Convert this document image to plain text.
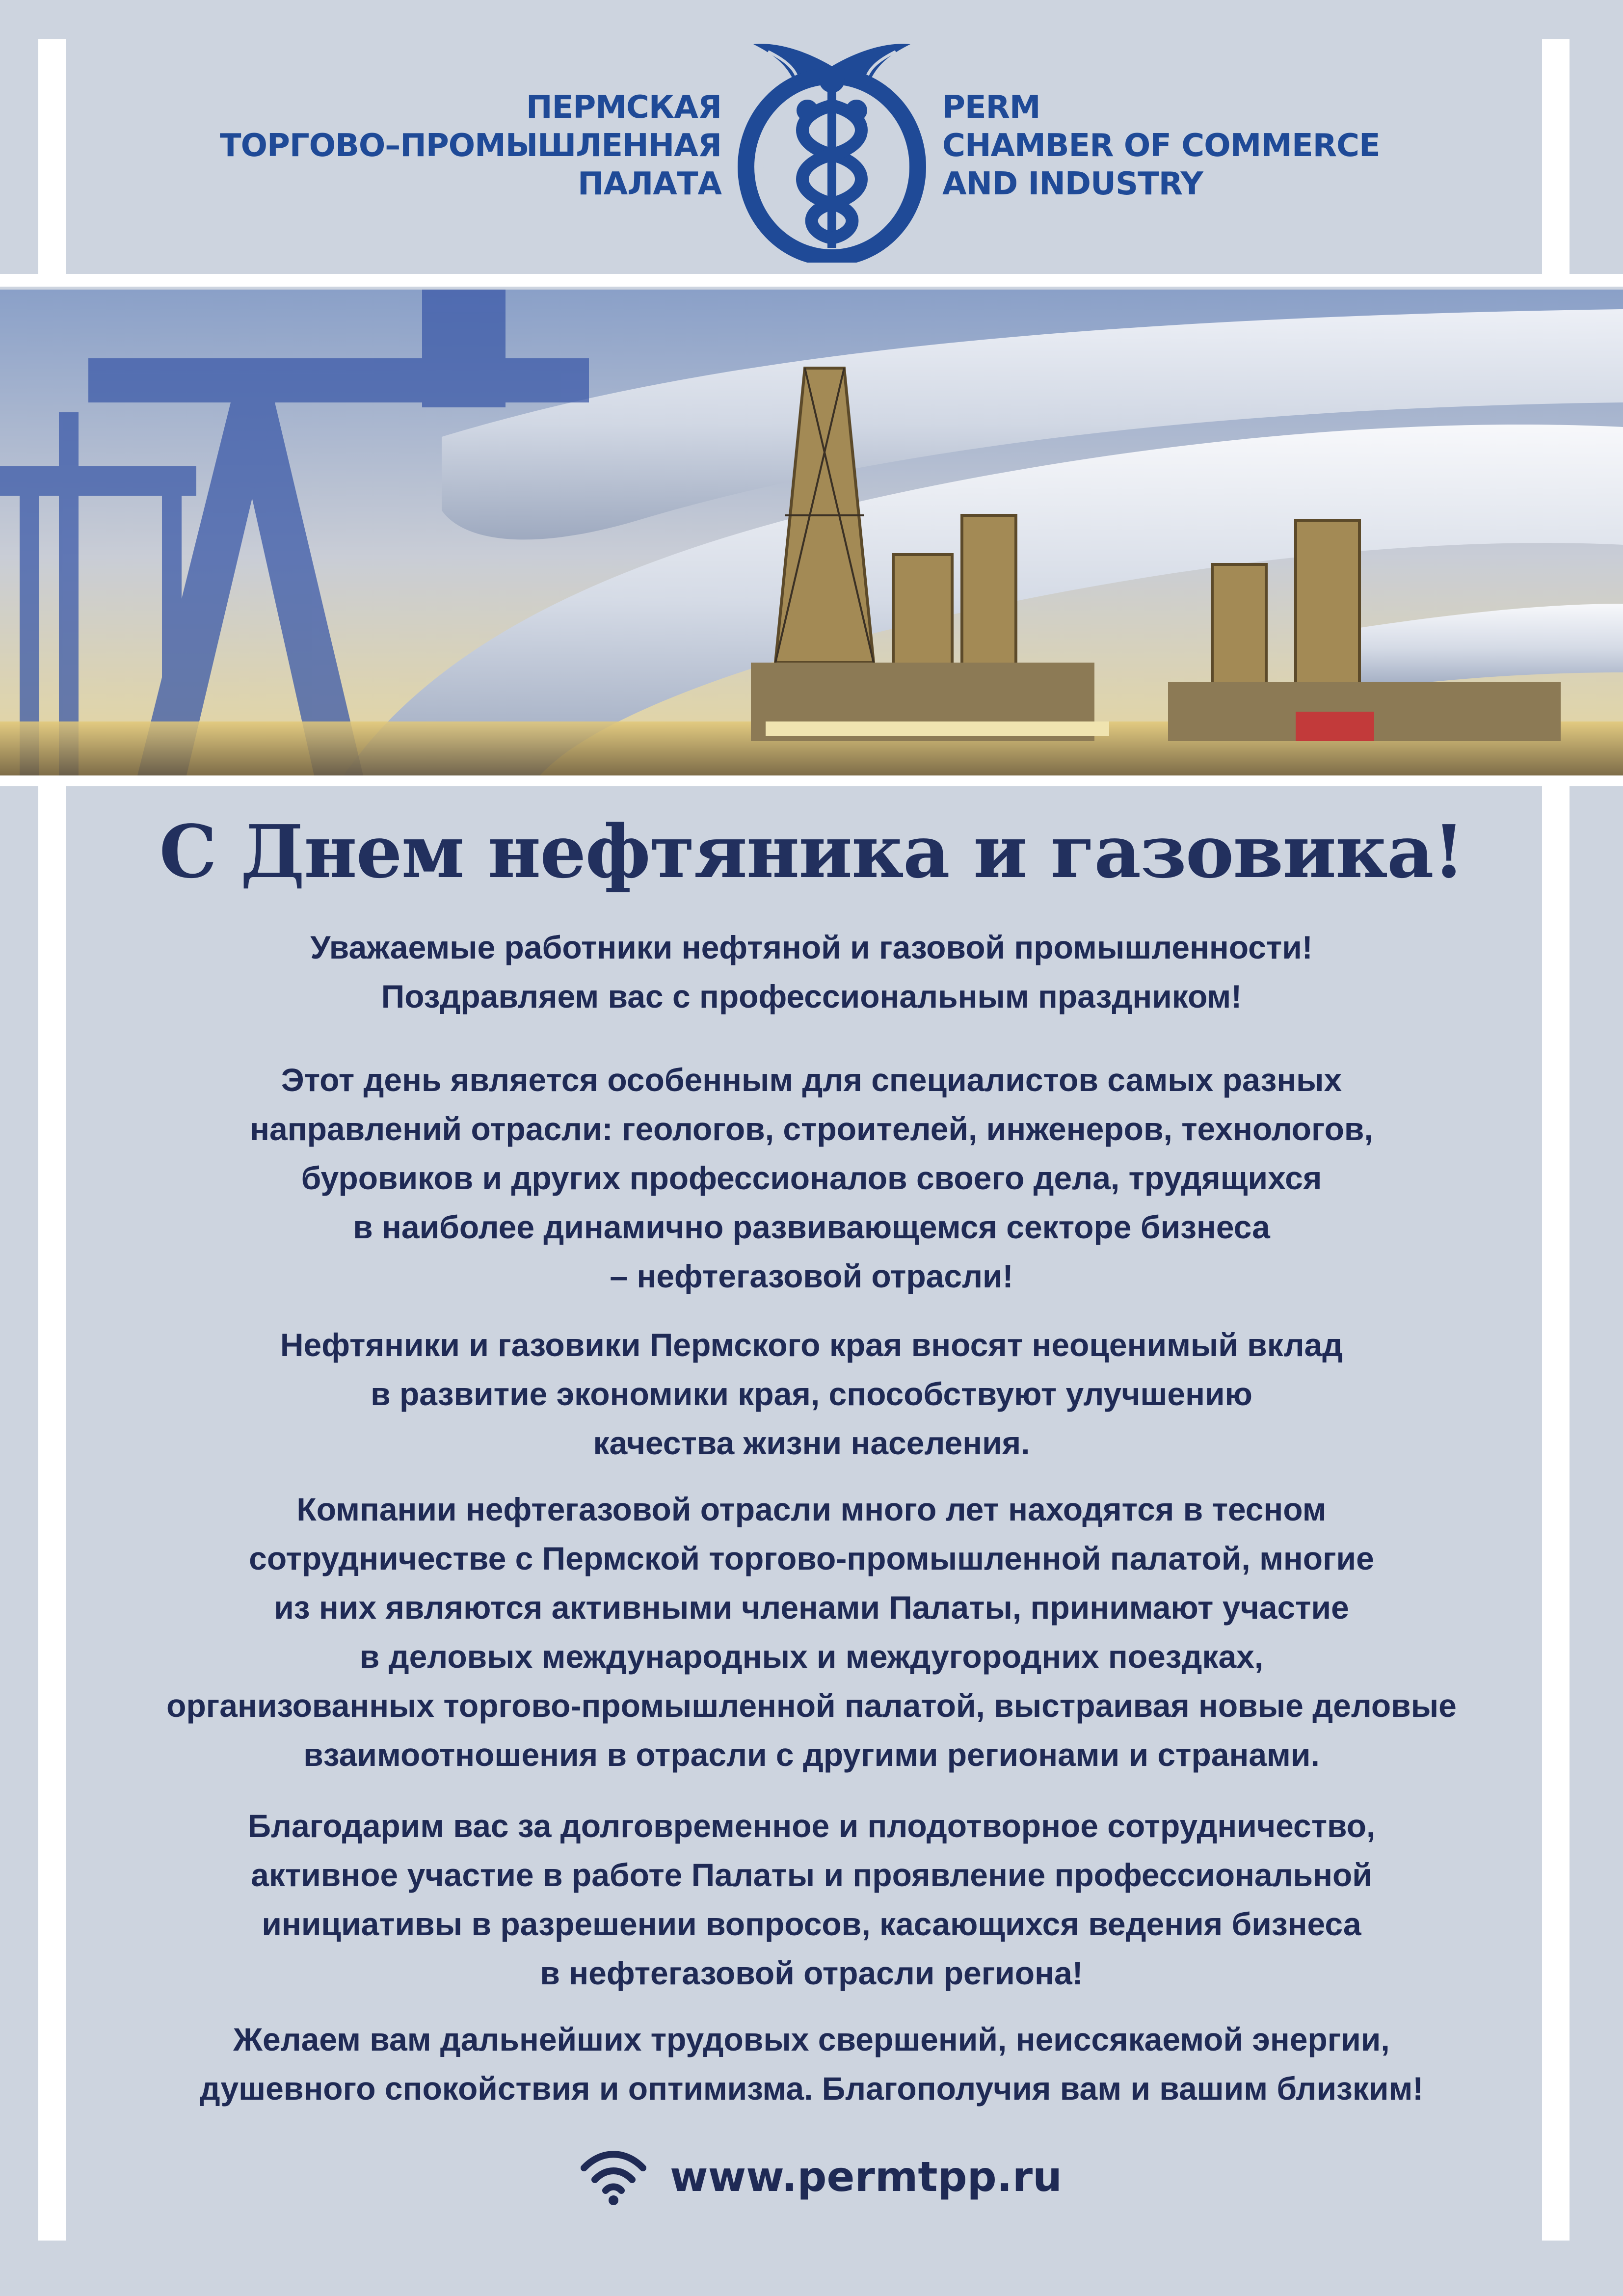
ПЕРМСКАЯ
ТОРГОВО–ПРОМЫШЛЕННАЯ
ПАЛАТА
PERM
CHAMBER OF COMMERCE
AND INDUSTRY
С Днем нефтяника и газовика!
Уважаемые работники нефтяной и газовой промышленности!
Поздравляем вас с профессиональным праздником!
Этот день является особенным для специалистов самых разных
направлений отрасли: геологов, строителей, инженеров, технологов,
буровиков и других профессионалов своего дела, трудящихся
в наиболее динамично развивающемся секторе бизнеса
– нефтегазовой отрасли!
Нефтяники и газовики Пермского края вносят неоценимый вклад
в развитие экономики края, способствуют улучшению
качества жизни населения.
Компании нефтегазовой отрасли много лет находятся в тесном
сотрудничестве с Пермской торгово-промышленной палатой, многие
из них являются активными членами Палаты, принимают участие
в деловых международных и междугородних поездках,
организованных торгово-промышленной палатой, выстраивая новые деловые
взаимоотношения в отрасли с другими регионами и странами.
Благодарим вас за долговременное и плодотворное сотрудничество,
активное участие в работе Палаты и проявление профессиональной
инициативы в разрешении вопросов, касающихся ведения бизнеса
в нефтегазовой отрасли региона!
Желаем вам дальнейших трудовых свершений, неиссякаемой энергии,
душевного спокойствия и оптимизма. Благополучия вам и вашим близким!
www.permtpp.ru
